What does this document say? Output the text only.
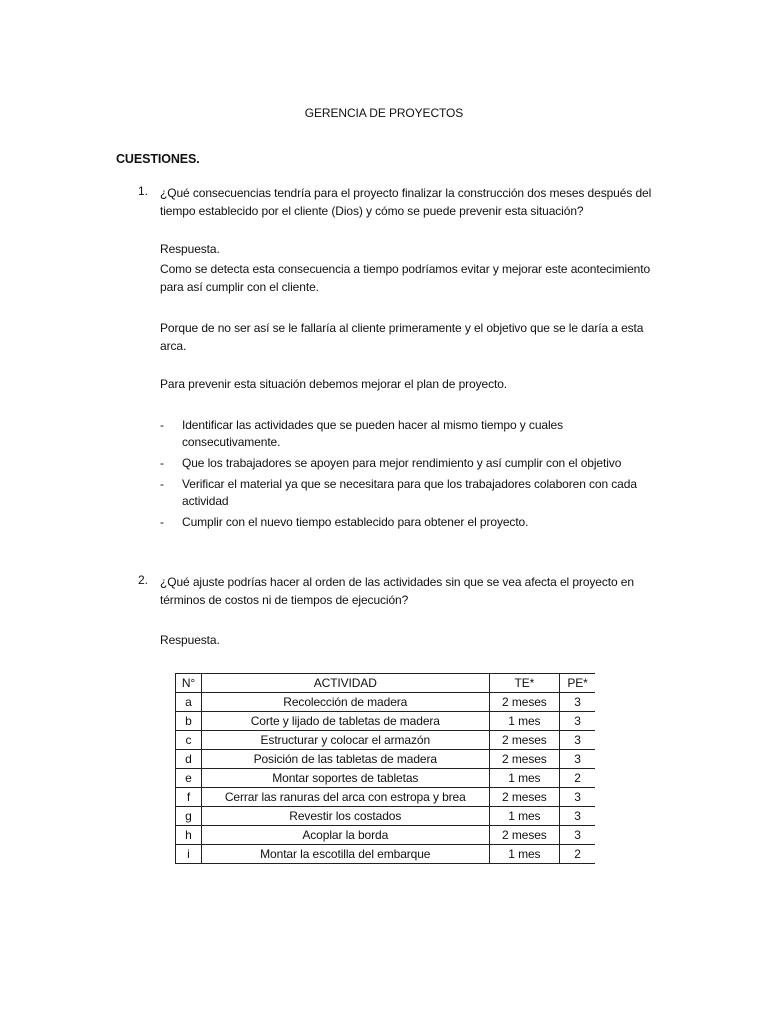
GERENCIA DE PROYECTOS
CUESTIONES.
1. ¿Qué consecuencias tendría para el proyecto finalizar la construcción dos meses después del tiempo establecido por el cliente (Dios) y cómo se puede prevenir esta situación?
Respuesta.
Como se detecta esta consecuencia a tiempo podríamos evitar y mejorar este acontecimiento para así cumplir con el cliente.
Porque de no ser así se le fallaría al cliente primeramente y el objetivo que se le daría a esta arca.
Para prevenir esta situación debemos mejorar el plan de proyecto.
- Identificar las actividades que se pueden hacer al mismo tiempo y cuales consecutivamente.
- Que los trabajadores se apoyen para mejor rendimiento y así cumplir con el objetivo
- Verificar el material ya que se necesitara para que los trabajadores colaboren con cada actividad
- Cumplir con el nuevo tiempo establecido para obtener el proyecto.
2. ¿Qué ajuste podrías hacer al orden de las actividades sin que se vea afecta el proyecto en términos de costos ni de tiempos de ejecución?
Respuesta.
N°	ACTIVIDAD	TE*	PE*
a	Recolección de madera	2 meses	3
b	Corte y lijado de tabletas de madera	1 mes	3
c	Estructurar y colocar el armazón	2 meses	3
d	Posición de las tabletas de madera	2 meses	3
e	Montar soportes de tabletas	1 mes	2
f	Cerrar las ranuras del arca con estropa y brea	2 meses	3
g	Revestir los costados	1 mes	3
h	Acoplar la borda	2 meses	3
i	Montar la escotilla del embarque	1 mes	2
